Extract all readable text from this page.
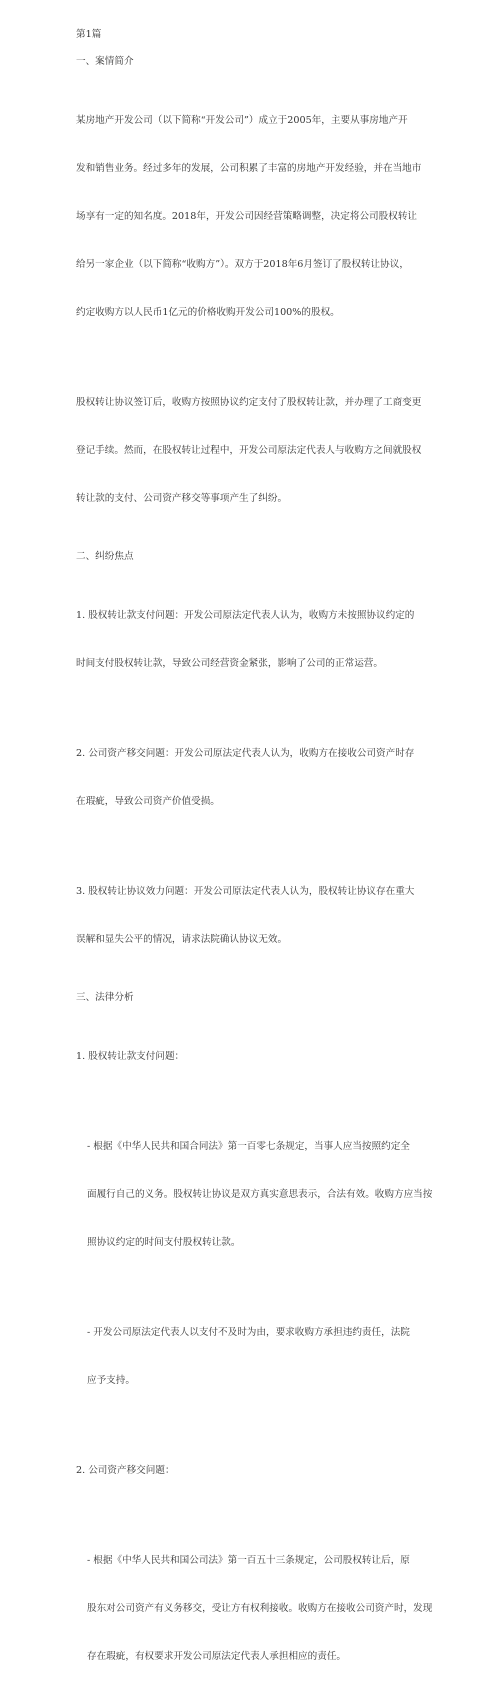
第1篇

一、案情简介

某房地产开发公司（以下简称“开发公司”）成立于2005年，主要从事房地产开

发和销售业务。经过多年的发展，公司积累了丰富的房地产开发经验，并在当地市

场享有一定的知名度。2018年，开发公司因经营策略调整，决定将公司股权转让

给另一家企业（以下简称“收购方”）。双方于2018年6月签订了股权转让协议，

约定收购方以人民币1亿元的价格收购开发公司100%的股权。

股权转让协议签订后，收购方按照协议约定支付了股权转让款，并办理了工商变更

登记手续。然而，在股权转让过程中，开发公司原法定代表人与收购方之间就股权

转让款的支付、公司资产移交等事项产生了纠纷。

二、纠纷焦点

1. 股权转让款支付问题：开发公司原法定代表人认为，收购方未按照协议约定的

时间支付股权转让款，导致公司经营资金紧张，影响了公司的正常运营。

2. 公司资产移交问题：开发公司原法定代表人认为，收购方在接收公司资产时存

在瑕疵，导致公司资产价值受损。

3. 股权转让协议效力问题：开发公司原法定代表人认为，股权转让协议存在重大

误解和显失公平的情况，请求法院确认协议无效。

三、法律分析

1. 股权转让款支付问题：

- 根据《中华人民共和国合同法》第一百零七条规定，当事人应当按照约定全

面履行自己的义务。股权转让协议是双方真实意思表示，合法有效。收购方应当按

照协议约定的时间支付股权转让款。

- 开发公司原法定代表人以支付不及时为由，要求收购方承担违约责任，法院

应予支持。

2. 公司资产移交问题：

- 根据《中华人民共和国公司法》第一百五十三条规定，公司股权转让后，原

股东对公司资产有义务移交，受让方有权利接收。收购方在接收公司资产时，发现

存在瑕疵，有权要求开发公司原法定代表人承担相应的责任。
